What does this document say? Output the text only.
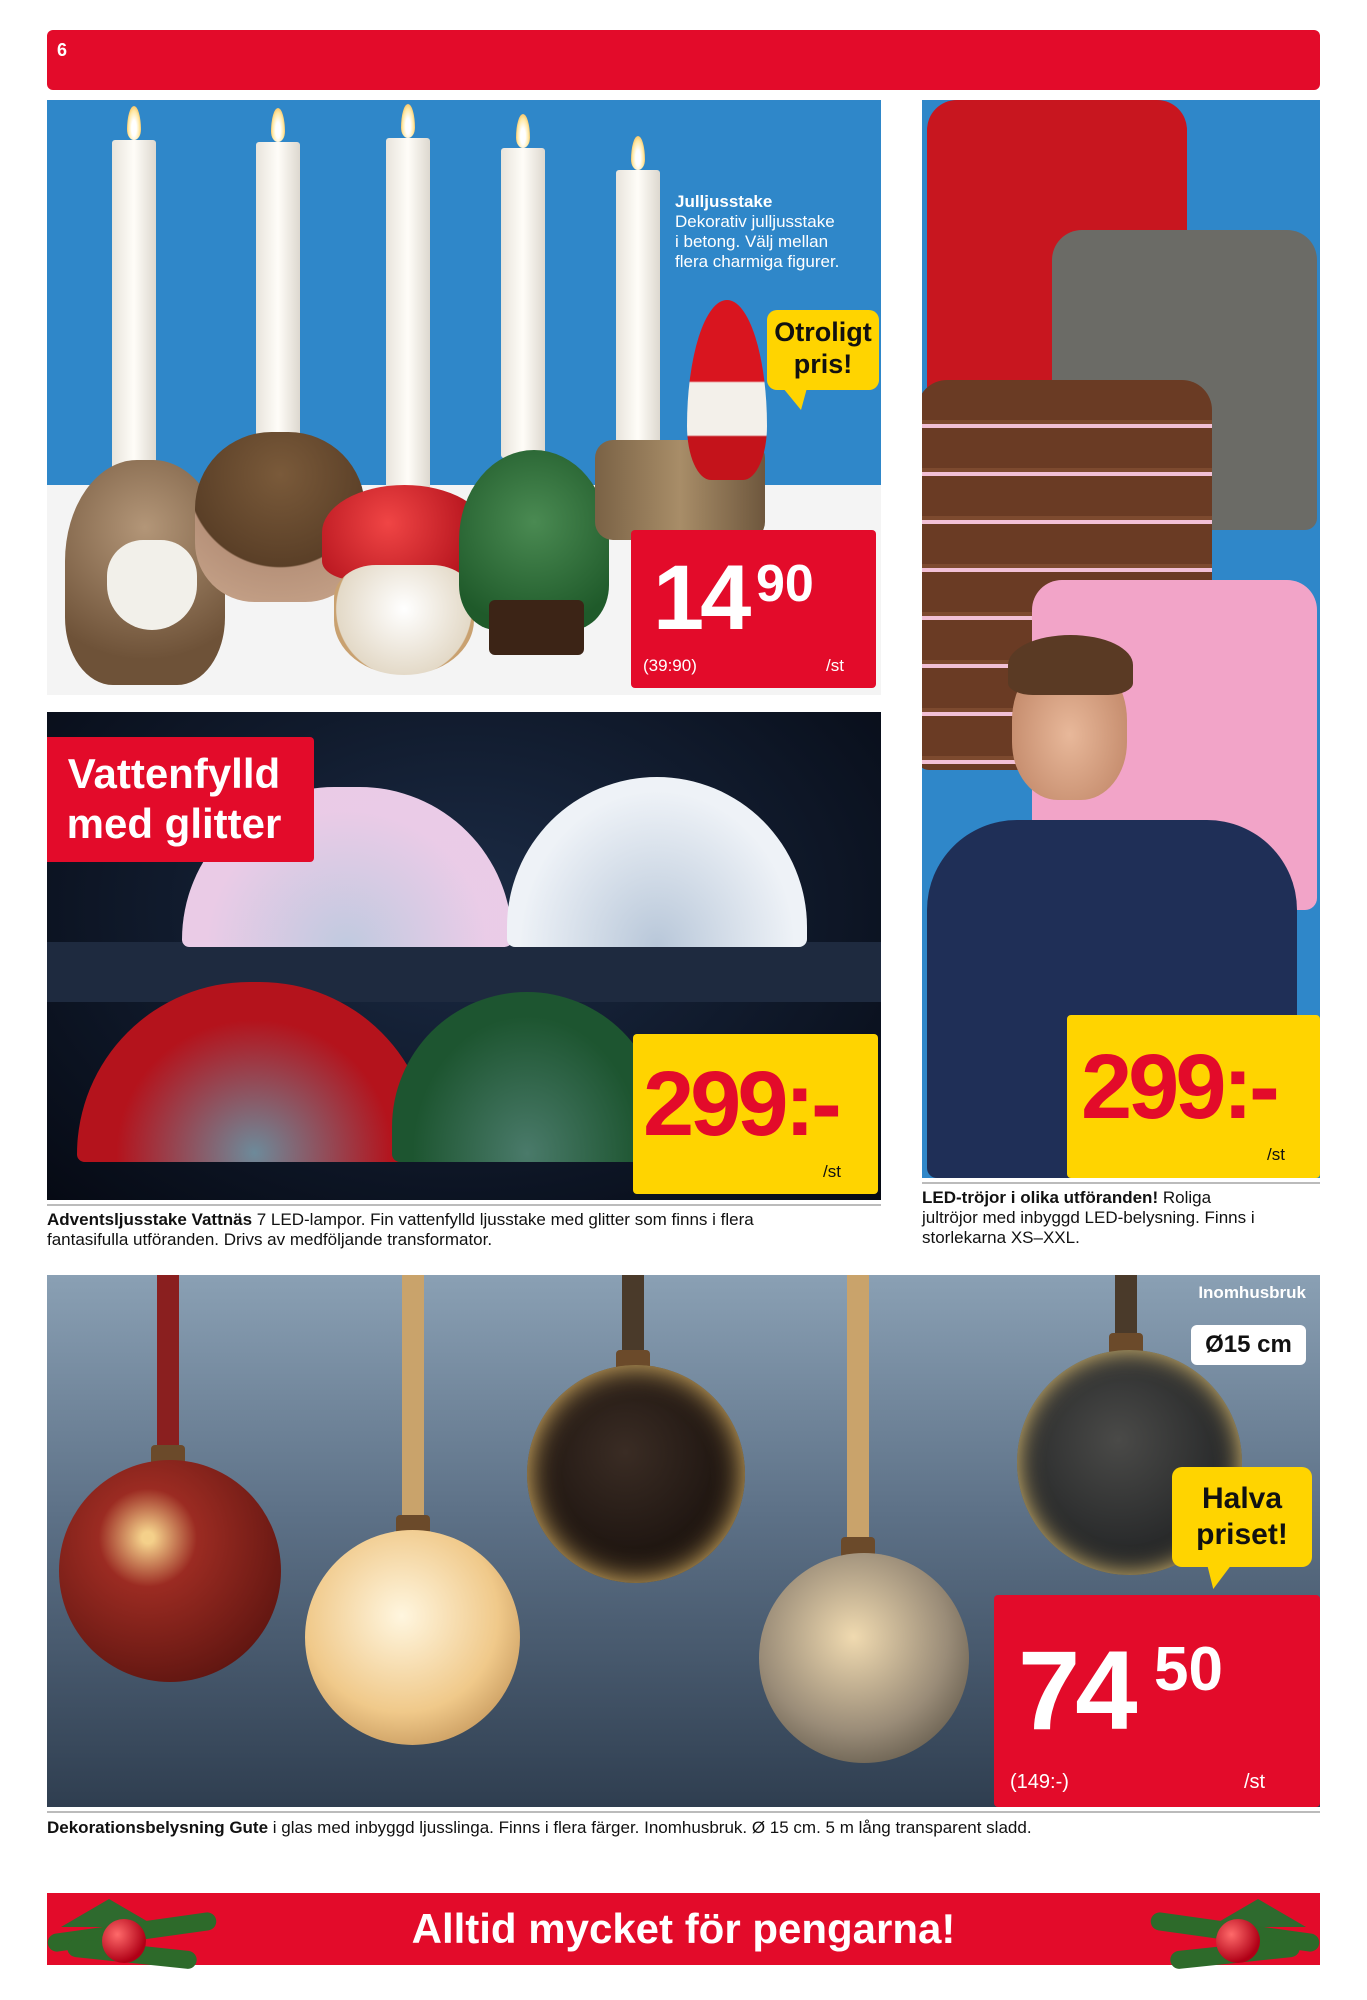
6
Julljusstake
Dekorativ julljusstake
i betong. Välj mellan
flera charmiga figurer.
Otroligt
pris!
14 90
(39:90)	/st
299:-
/st
LED-tröjor i olika utföranden! Roliga
jultröjor med inbyggd LED-belysning. Finns i
storlekarna XS–XXL.
Vattenfylld
med glitter
299:-
/st
Adventsljusstake Vattnäs 7 LED-lampor. Fin vattenfylld ljusstake med glitter som finns i flera
fantasifulla utföranden. Drivs av medföljande transformator.
Inomhusbruk
Ø15 cm
Halva
priset!
74 50
(149:-)	/st
Dekorationsbelysning Gute i glas med inbyggd ljusslinga. Finns i flera färger. Inomhusbruk. Ø 15 cm. 5 m lång transparent sladd.
Alltid mycket för pengarna!
